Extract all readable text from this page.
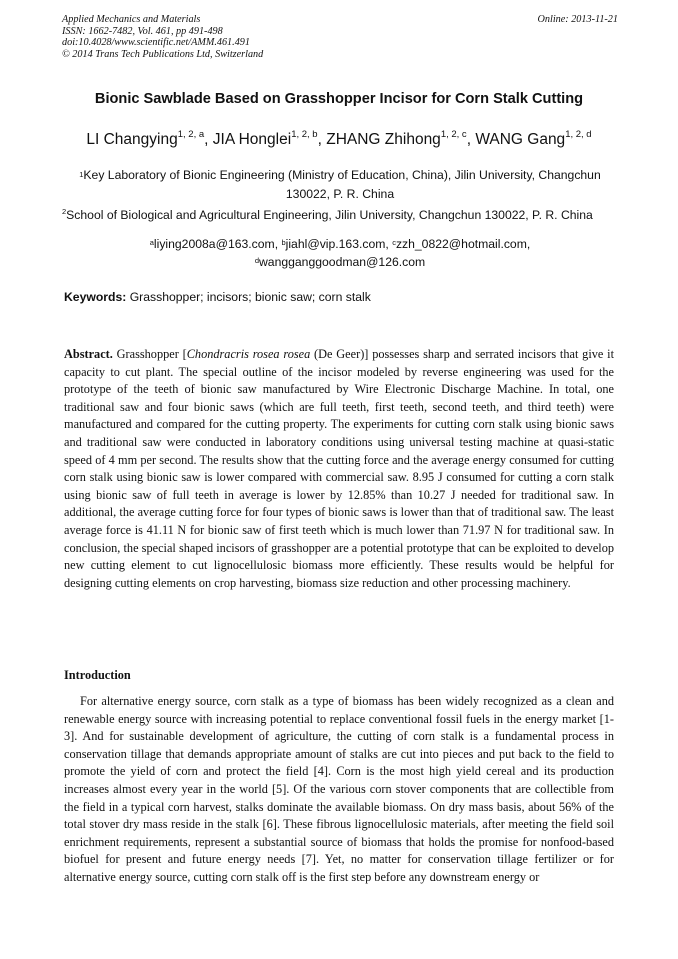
Applied Mechanics and Materials
ISSN: 1662-7482, Vol. 461, pp 491-498
doi:10.4028/www.scientific.net/AMM.461.491
© 2014 Trans Tech Publications Ltd, Switzerland
Online: 2013-11-21
Bionic Sawblade Based on Grasshopper Incisor for Corn Stalk Cutting
LI Changying$^{1, 2, a}$, JIA Honglei$^{1, 2, b}$, ZHANG Zhihong$^{1, 2, c}$, WANG Gang$^{1, 2, d}$
$^1$Key Laboratory of Bionic Engineering (Ministry of Education, China), Jilin University, Changchun 130022, P. R. China
$^2$School of Biological and Agricultural Engineering, Jilin University, Changchun 130022, P. R. China
$^a$liying2008a@163.com, $^b$jiahl@vip.163.com, $^c$zzh_0822@hotmail.com,
$^d$wangganggoodman@126.com
Keywords: Grasshopper; incisors; bionic saw; corn stalk
Abstract. Grasshopper [Chondracris rosea rosea (De Geer)] possesses sharp and serrated incisors that give it capacity to cut plant. The special outline of the incisor modeled by reverse engineering was used for the prototype of the teeth of bionic saw manufactured by Wire Electronic Discharge Machine. In total, one traditional saw and four bionic saws (which are full teeth, first teeth, second teeth, and third teeth) were manufactured and compared for the cutting property. The experiments for cutting corn stalk using bionic saws and traditional saw were conducted in laboratory conditions using universal testing machine at quasi-static speed of 4 mm per second. The results show that the cutting force and the average energy consumed for cutting corn stalk using bionic saw is lower compared with commercial saw. 8.95 J consumed for cutting a corn stalk using bionic saw of full teeth in average is lower by 12.85% than 10.27 J needed for traditional saw. In additional, the average cutting force for four types of bionic saws is lower than that of traditional saw. The least average force is 41.11 N for bionic saw of first teeth which is much lower than 71.97 N for traditional saw. In conclusion, the special shaped incisors of grasshopper are a potential prototype that can be exploited to develop new cutting element to cut lignocellulosic biomass more efficiently. These results would be helpful for designing cutting elements on crop harvesting, biomass size reduction and other processing machinery.
Introduction
For alternative energy source, corn stalk as a type of biomass has been widely recognized as a clean and renewable energy source with increasing potential to replace conventional fossil fuels in the energy market [1-3]. And for sustainable development of agriculture, the cutting of corn stalk is a fundamental process in conservation tillage that demands appropriate amount of stalks are cut into pieces and put back to the field to promote the yield of corn and protect the field [4]. Corn is the most high yield cereal and its production increases almost every year in the world [5]. Of the various corn stover components that are collectible from the field in a typical corn harvest, stalks dominate the available biomass. On dry mass basis, about 56% of the total stover dry mass reside in the stalk [6]. These fibrous lignocellulosic materials, after meeting the field soil enrichment requirements, represent a substantial source of biomass that holds the promise for nonfood-based biofuel for present and future energy needs [7]. Yet, no matter for conservation tillage fertilizer or for alternative energy source, cutting corn stalk off is the first step before any downstream energy or
